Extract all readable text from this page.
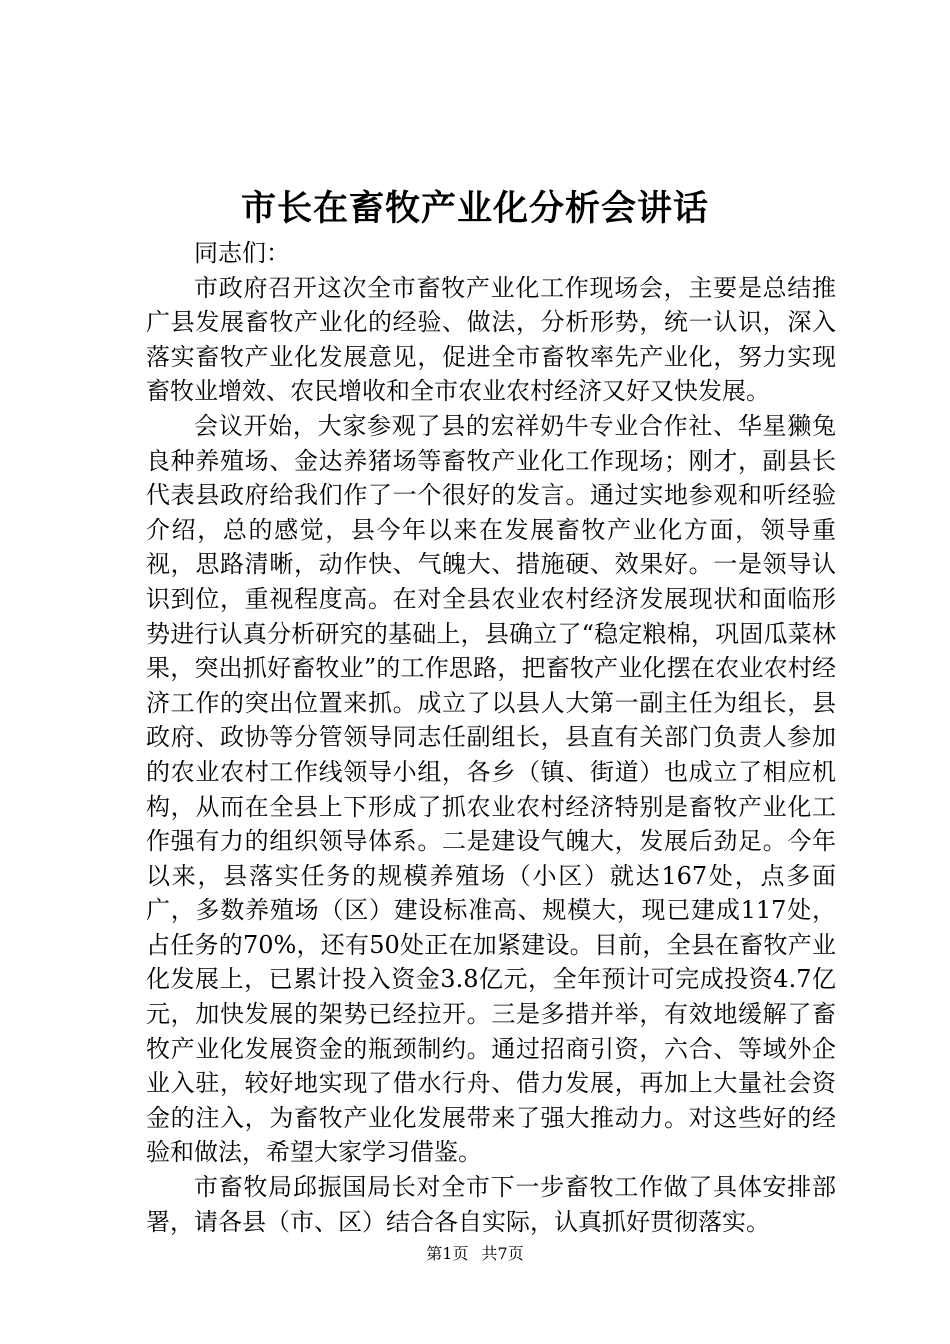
市长在畜牧产业化分析会讲话

同志们：

市政府召开这次全市畜牧产业化工作现场会，主要是总结推广县发展畜牧产业化的经验、做法，分析形势，统一认识，深入落实畜牧产业化发展意见，促进全市畜牧率先产业化，努力实现畜牧业增效、农民增收和全市农业农村经济又好又快发展。

会议开始，大家参观了县的宏祥奶牛专业合作社、华星獭兔良种养殖场、金达养猪场等畜牧产业化工作现场；刚才，副县长代表县政府给我们作了一个很好的发言。通过实地参观和听经验介绍，总的感觉，县今年以来在发展畜牧产业化方面，领导重视，思路清晰，动作快、气魄大、措施硬、效果好。一是领导认识到位，重视程度高。在对全县农业农村经济发展现状和面临形势进行认真分析研究的基础上，县确立了“稳定粮棉，巩固瓜菜林果，突出抓好畜牧业”的工作思路，把畜牧产业化摆在农业农村经济工作的突出位置来抓。成立了以县人大第一副主任为组长，县政府、政协等分管领导同志任副组长，县直有关部门负责人参加的农业农村工作线领导小组，各乡（镇、街道）也成立了相应机构，从而在全县上下形成了抓农业农村经济特别是畜牧产业化工作强有力的组织领导体系。二是建设气魄大，发展后劲足。今年以来，县落实任务的规模养殖场（小区）就达167处，点多面广，多数养殖场（区）建设标准高、规模大，现已建成117处，占任务的70%，还有50处正在加紧建设。目前，全县在畜牧产业化发展上，已累计投入资金3.8亿元，全年预计可完成投资4.7亿元，加快发展的架势已经拉开。三是多措并举，有效地缓解了畜牧产业化发展资金的瓶颈制约。通过招商引资，六合、等域外企业入驻，较好地实现了借水行舟、借力发展，再加上大量社会资金的注入，为畜牧产业化发展带来了强大推动力。对这些好的经验和做法，希望大家学习借鉴。

市畜牧局邱振国局长对全市下一步畜牧工作做了具体安排部署，请各县（市、区）结合各自实际，认真抓好贯彻落实。

第1页 共7页
